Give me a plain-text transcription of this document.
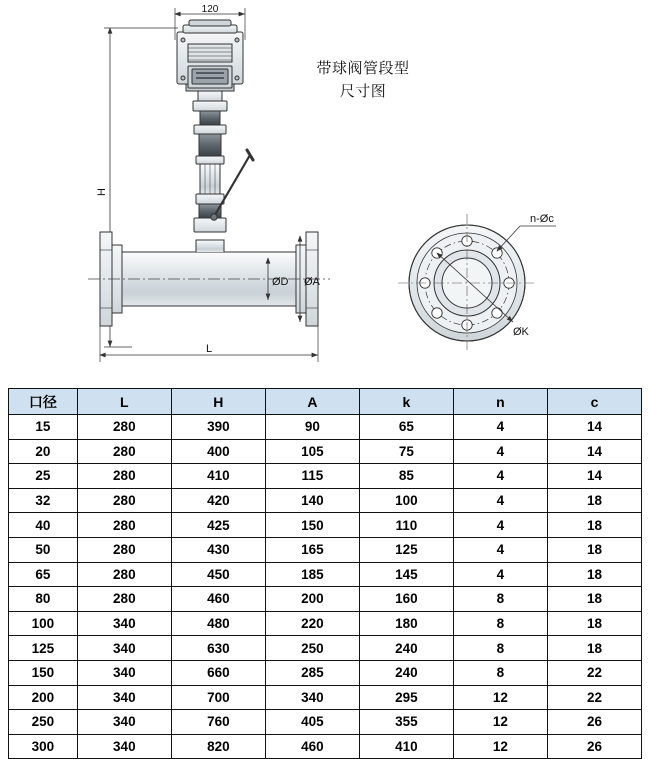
120
H
L
ØD ØA
n-Øc
ØK
带球阀管段型
尺寸图
口径	L	H	A	k	n	c
15	280	390	90	65	4	14
20	280	400	105	75	4	14
25	280	410	115	85	4	14
32	280	420	140	100	4	18
40	280	425	150	110	4	18
50	280	430	165	125	4	18
65	280	450	185	145	4	18
80	280	460	200	160	8	18
100	340	480	220	180	8	18
125	340	630	250	240	8	18
150	340	660	285	240	8	22
200	340	700	340	295	12	22
250	340	760	405	355	12	26
300	340	820	460	410	12	26
